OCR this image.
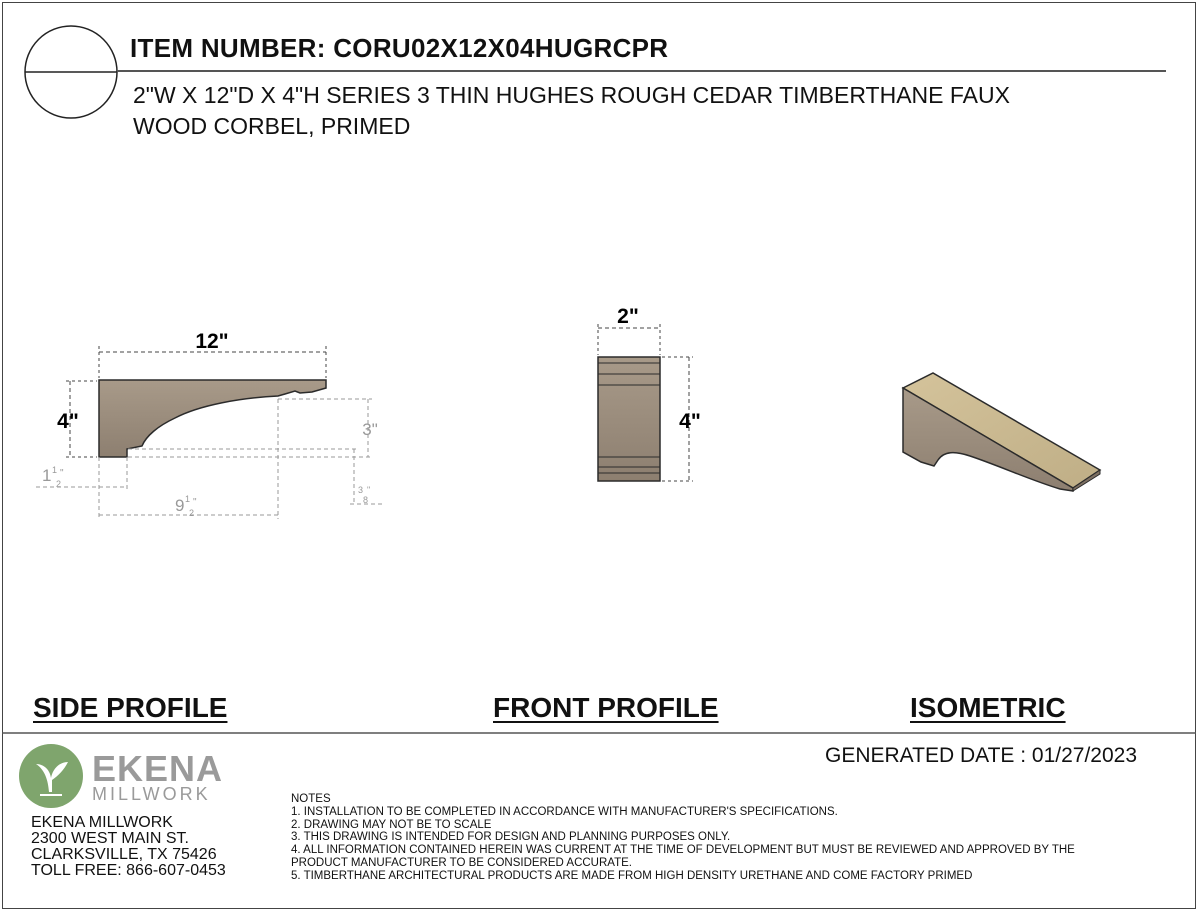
12"
4"	3"
1 1
2
"
3
8
"
9 1
2
"
2"
4"
ITEM NUMBER: CORU02X12X04HUGRCPR
2"W X 12"D X 4"H SERIES 3 THIN HUGHES ROUGH CEDAR TIMBERTHANE FAUX
WOOD CORBEL, PRIMED
SIDE PROFILE	FRONT PROFILE	ISOMETRIC
GENERATED DATE : 01/27/2023
EKENA
MILLWORK
EKENA MILLWORK
2300 WEST MAIN ST.
CLARKSVILLE, TX 75426
TOLL FREE: 866-607-0453
NOTES
1. INSTALLATION TO BE COMPLETED IN ACCORDANCE WITH MANUFACTURER'S SPECIFICATIONS.
2. DRAWING MAY NOT BE TO SCALE
3. THIS DRAWING IS INTENDED FOR DESIGN AND PLANNING PURPOSES ONLY.
4. ALL INFORMATION CONTAINED HEREIN WAS CURRENT AT THE TIME OF DEVELOPMENT BUT MUST BE REVIEWED AND APPROVED BY THE
PRODUCT MANUFACTURER TO BE CONSIDERED ACCURATE.
5. TIMBERTHANE ARCHITECTURAL PRODUCTS ARE MADE FROM HIGH DENSITY URETHANE AND COME FACTORY PRIMED
